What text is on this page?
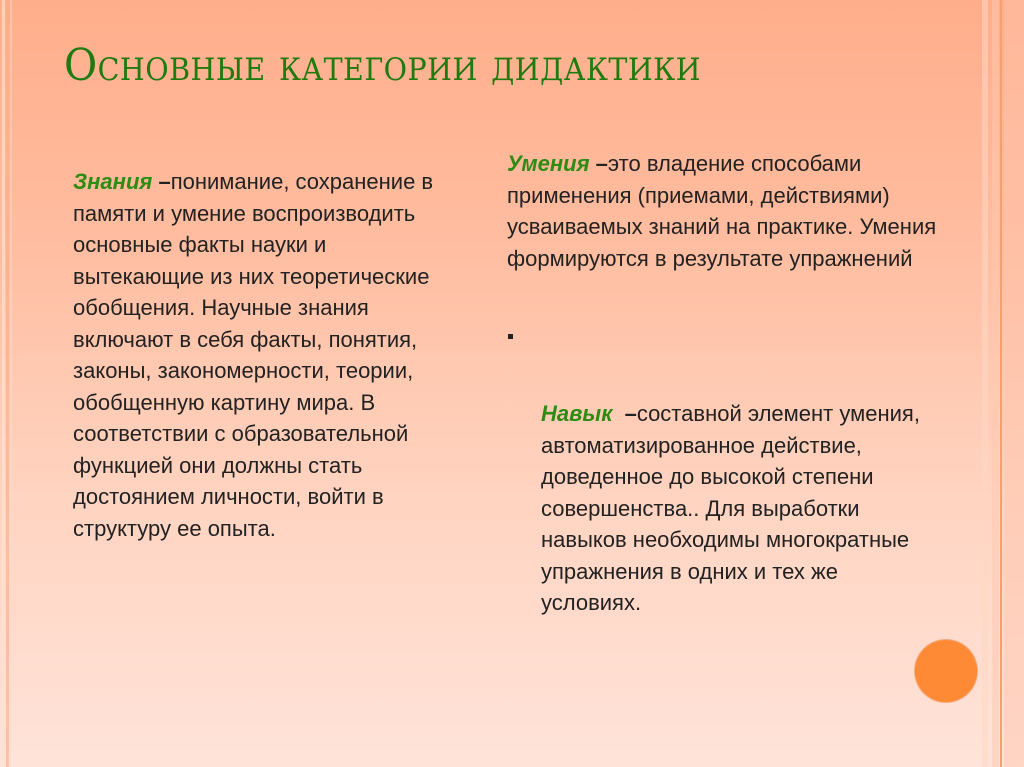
Основные категории дидактики

Знания –понимание, сохранение в памяти и умение воспроизводить основные факты науки и вытекающие из них теоретические обобщения. Научные знания включают в себя факты, понятия, законы, закономерности, теории, обобщенную картину мира. В соответствии с образовательной функцией они должны стать достоянием личности, войти в структуру ее опыта.

Умения –это владение способами применения (приемами, действиями) усваиваемых знаний на практике. Умения формируются в результате упражнений

Навык  –составной элемент умения, автоматизированное действие, доведенное до высокой степени совершенства.. Для выработки навыков необходимы многократные упражнения в одних и тех же условиях.
